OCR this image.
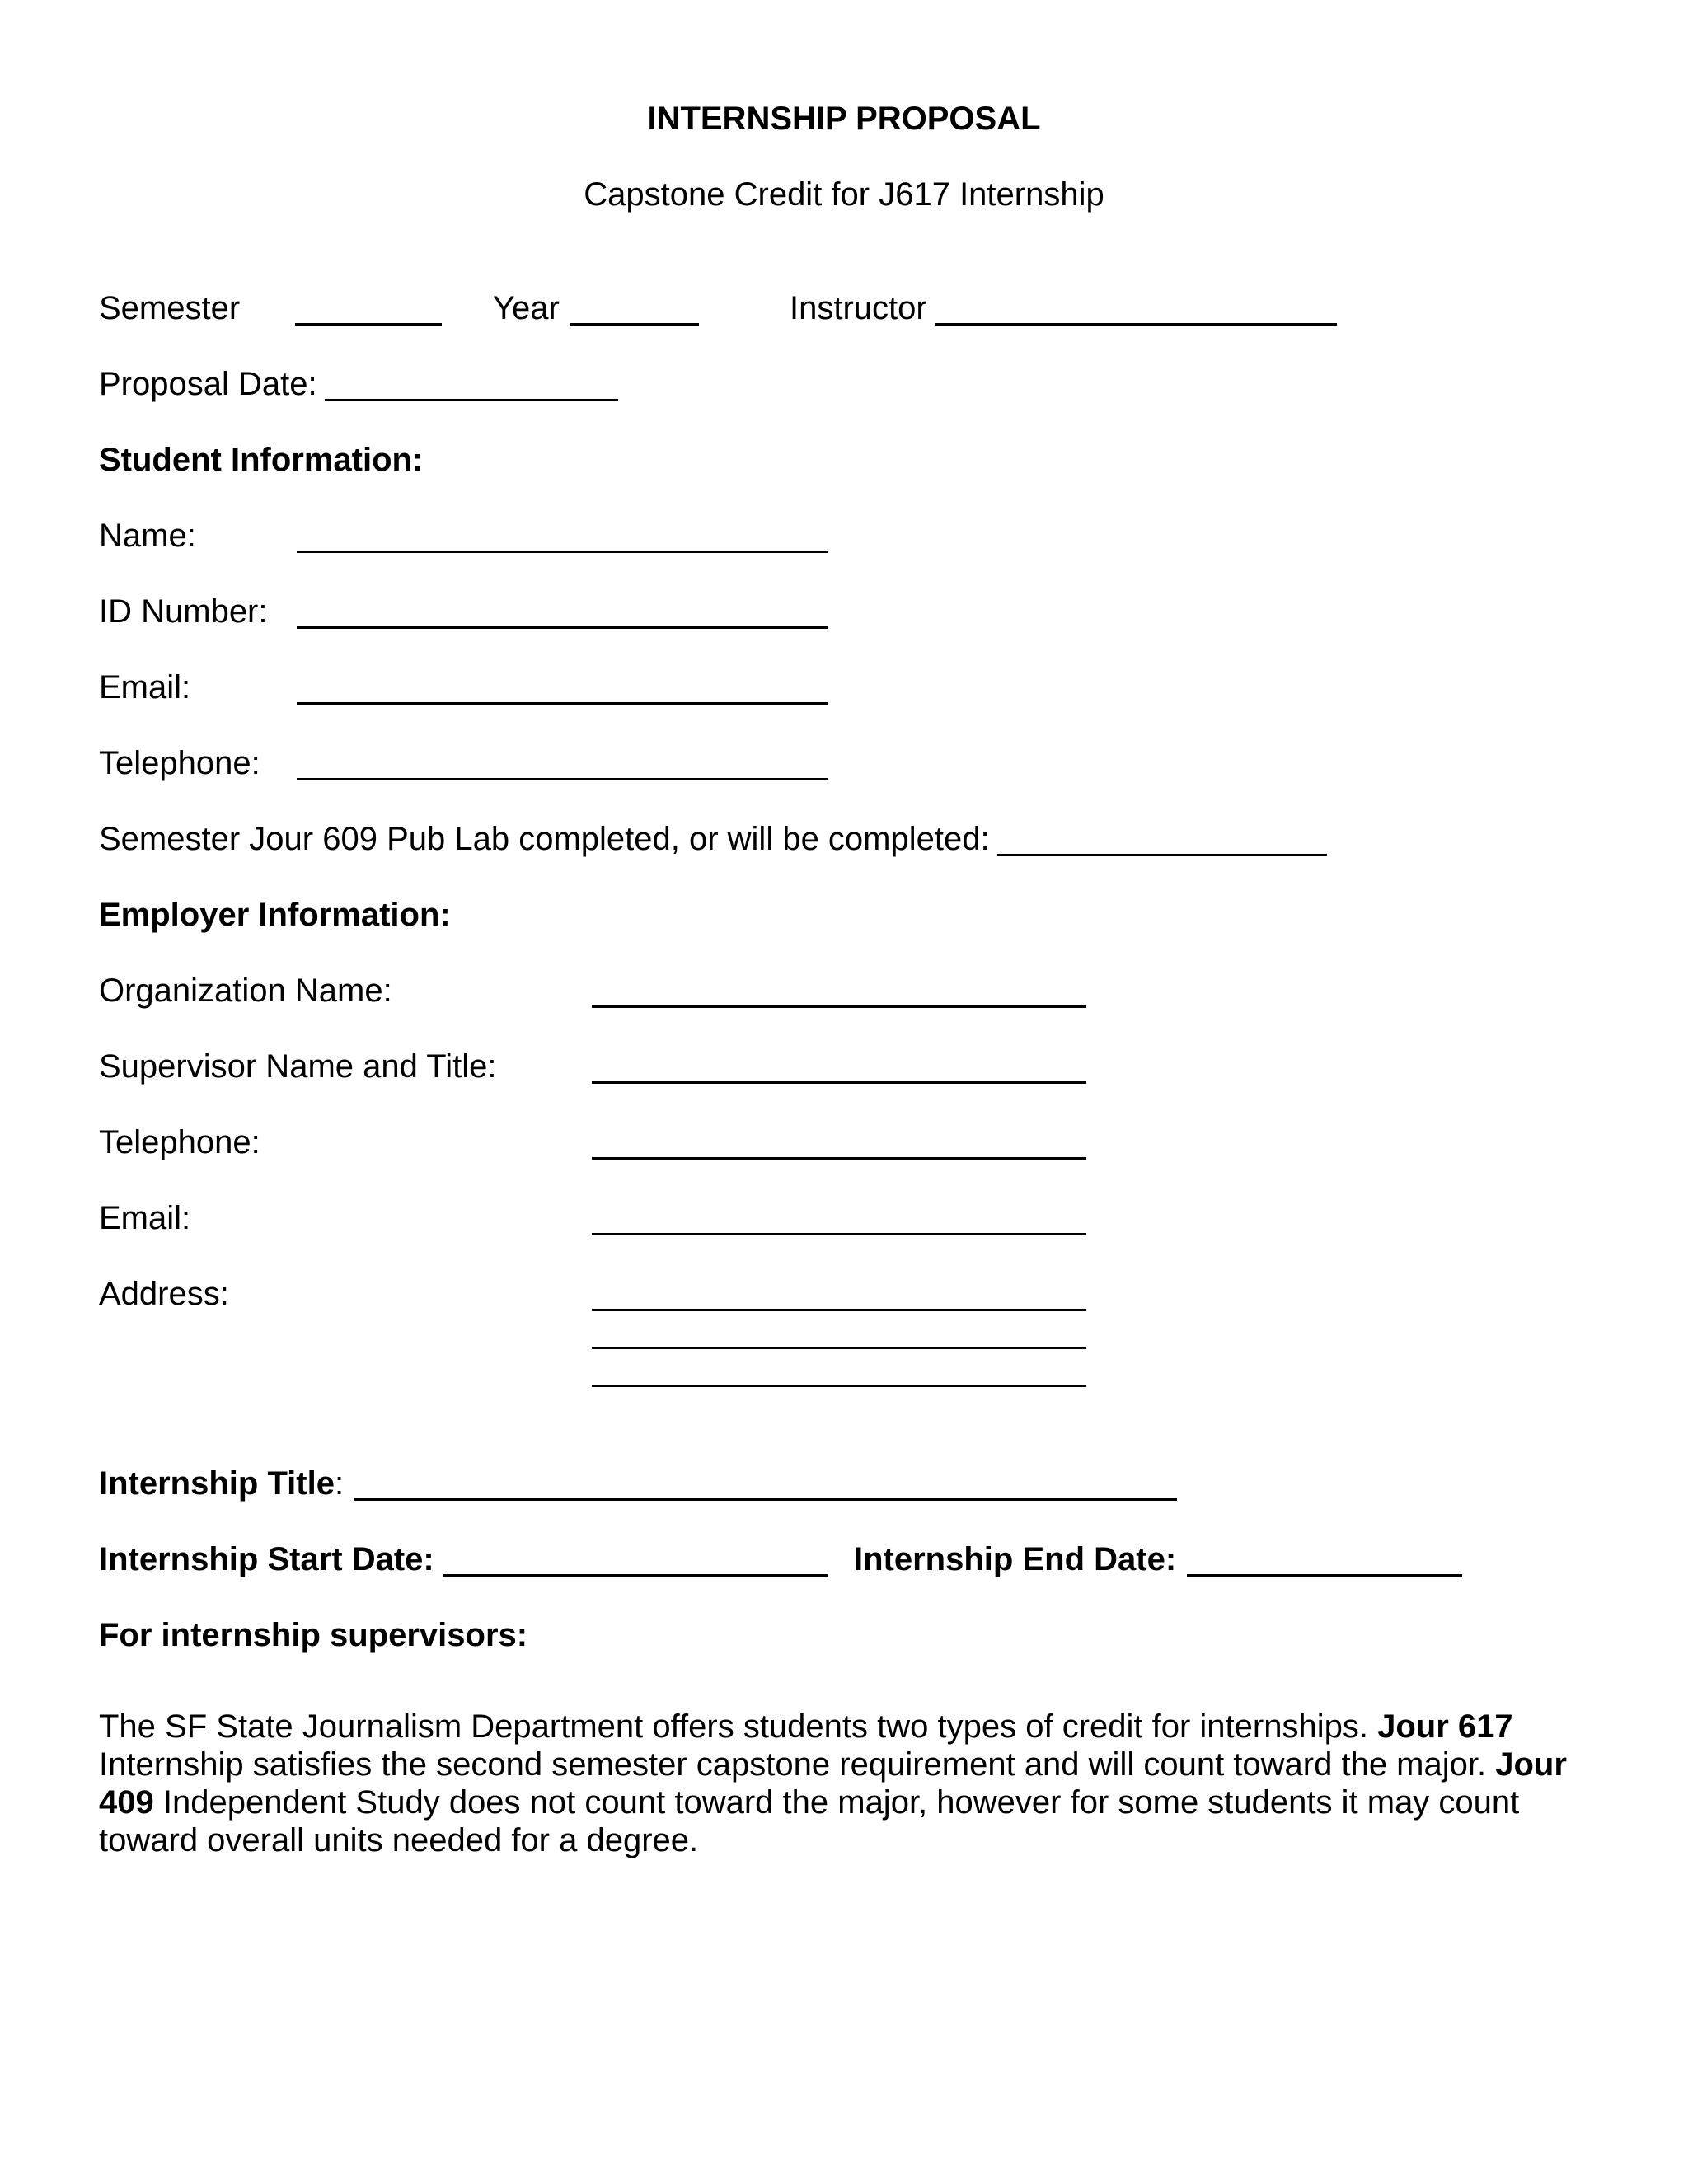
INTERNSHIP PROPOSAL
Capstone Credit for J617 Internship
Semester	Year	Instructor
Proposal Date:
Student Information:
Name:
ID Number:
Email:
Telephone:
Semester Jour 609 Pub Lab completed, or will be completed:
Employer Information:
Organization Name:
Supervisor Name and Title:
Telephone:
Email:
Address:
Internship Title:
Internship Start Date:	Internship End Date:
For internship supervisors:
The SF State Journalism Department offers students two types of credit for internships. Jour 617 Internship satisfies the second semester capstone requirement and will count toward the major. Jour 409 Independent Study does not count toward the major, however for some students it may count toward overall units needed for a degree.
